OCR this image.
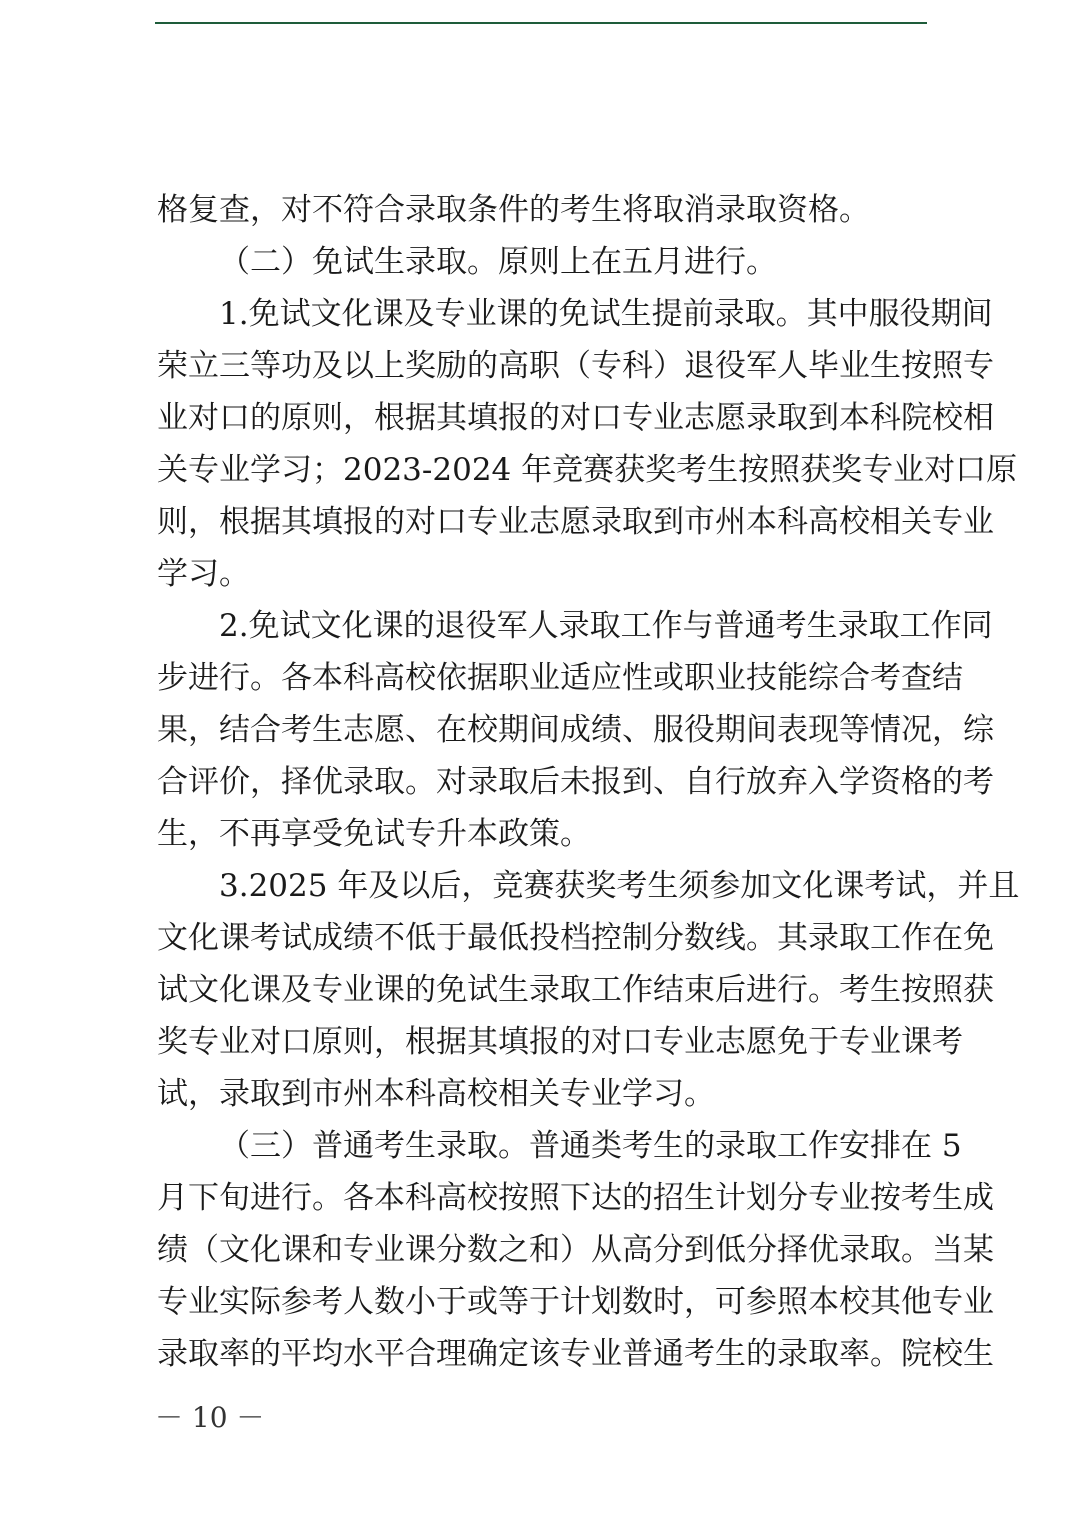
格复查，对不符合录取条件的考生将取消录取资格。
（二）免试生录取。原则上在五月进行。
1.免试文化课及专业课的免试生提前录取。其中服役期间
荣立三等功及以上奖励的高职（专科）退役军人毕业生按照专
业对口的原则，根据其填报的对口专业志愿录取到本科院校相
关专业学习；2023-2024 年竞赛获奖考生按照获奖专业对口原
则，根据其填报的对口专业志愿录取到市州本科高校相关专业
学习。
2.免试文化课的退役军人录取工作与普通考生录取工作同
步进行。各本科高校依据职业适应性或职业技能综合考查结
果，结合考生志愿、在校期间成绩、服役期间表现等情况，综
合评价，择优录取。对录取后未报到、自行放弃入学资格的考
生，不再享受免试专升本政策。
3.2025 年及以后，竞赛获奖考生须参加文化课考试，并且
文化课考试成绩不低于最低投档控制分数线。其录取工作在免
试文化课及专业课的免试生录取工作结束后进行。考生按照获
奖专业对口原则，根据其填报的对口专业志愿免于专业课考
试，录取到市州本科高校相关专业学习。
（三）普通考生录取。普通类考生的录取工作安排在 5
月下旬进行。各本科高校按照下达的招生计划分专业按考生成
绩（文化课和专业课分数之和）从高分到低分择优录取。当某
专业实际参考人数小于或等于计划数时，可参照本校其他专业
录取率的平均水平合理确定该专业普通考生的录取率。院校生
－ 10 －
